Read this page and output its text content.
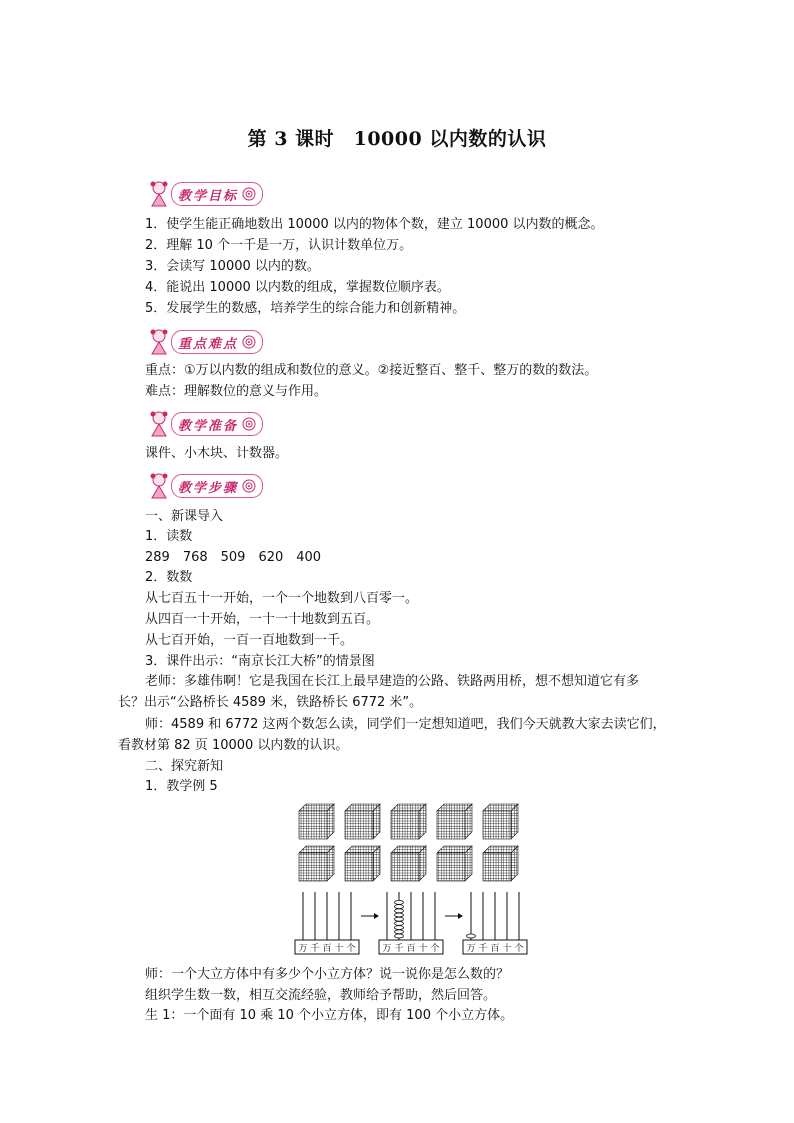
第 3 课时　10000 以内数的认识
教学目标
1．使学生能正确地数出 10000 以内的物体个数，建立 10000 以内数的概念。
2．理解 10 个一千是一万，认识计数单位万。
3．会读写 10000 以内的数。
4．能说出 10000 以内数的组成，掌握数位顺序表。
5．发展学生的数感，培养学生的综合能力和创新精神。
重点难点
重点：①万以内数的组成和数位的意义。②接近整百、整千、整万的数的数法。
难点：理解数位的意义与作用。
教学准备
课件、小木块、计数器。
教学步骤
一、新课导入
1．读数
289　768　509　620　400
2．数数
从七百五十一开始，一个一个地数到八百零一。
从四百一十开始，一十一十地数到五百。
从七百开始，一百一百地数到一千。
3．课件出示：“南京长江大桥”的情景图
老师：多雄伟啊！它是我国在长江上最早建造的公路、铁路两用桥，想不想知道它有多
长？出示“公路桥长 4589 米，铁路桥长 6772 米”。
师：4589 和 6772 这两个数怎么读，同学们一定想知道吧，我们今天就教大家去读它们，
看教材第 82 页 10000 以内数的认识。
二、探究新知
1．教学例 5
万 千 百 十 个	万 千 百 十 个	万 千 百 十 个
师：一个大立方体中有多少个小立方体？说一说你是怎么数的？
组织学生数一数，相互交流经验，教师给予帮助，然后回答。
生 1：一个面有 10 乘 10 个小立方体，即有 100 个小立方体。
